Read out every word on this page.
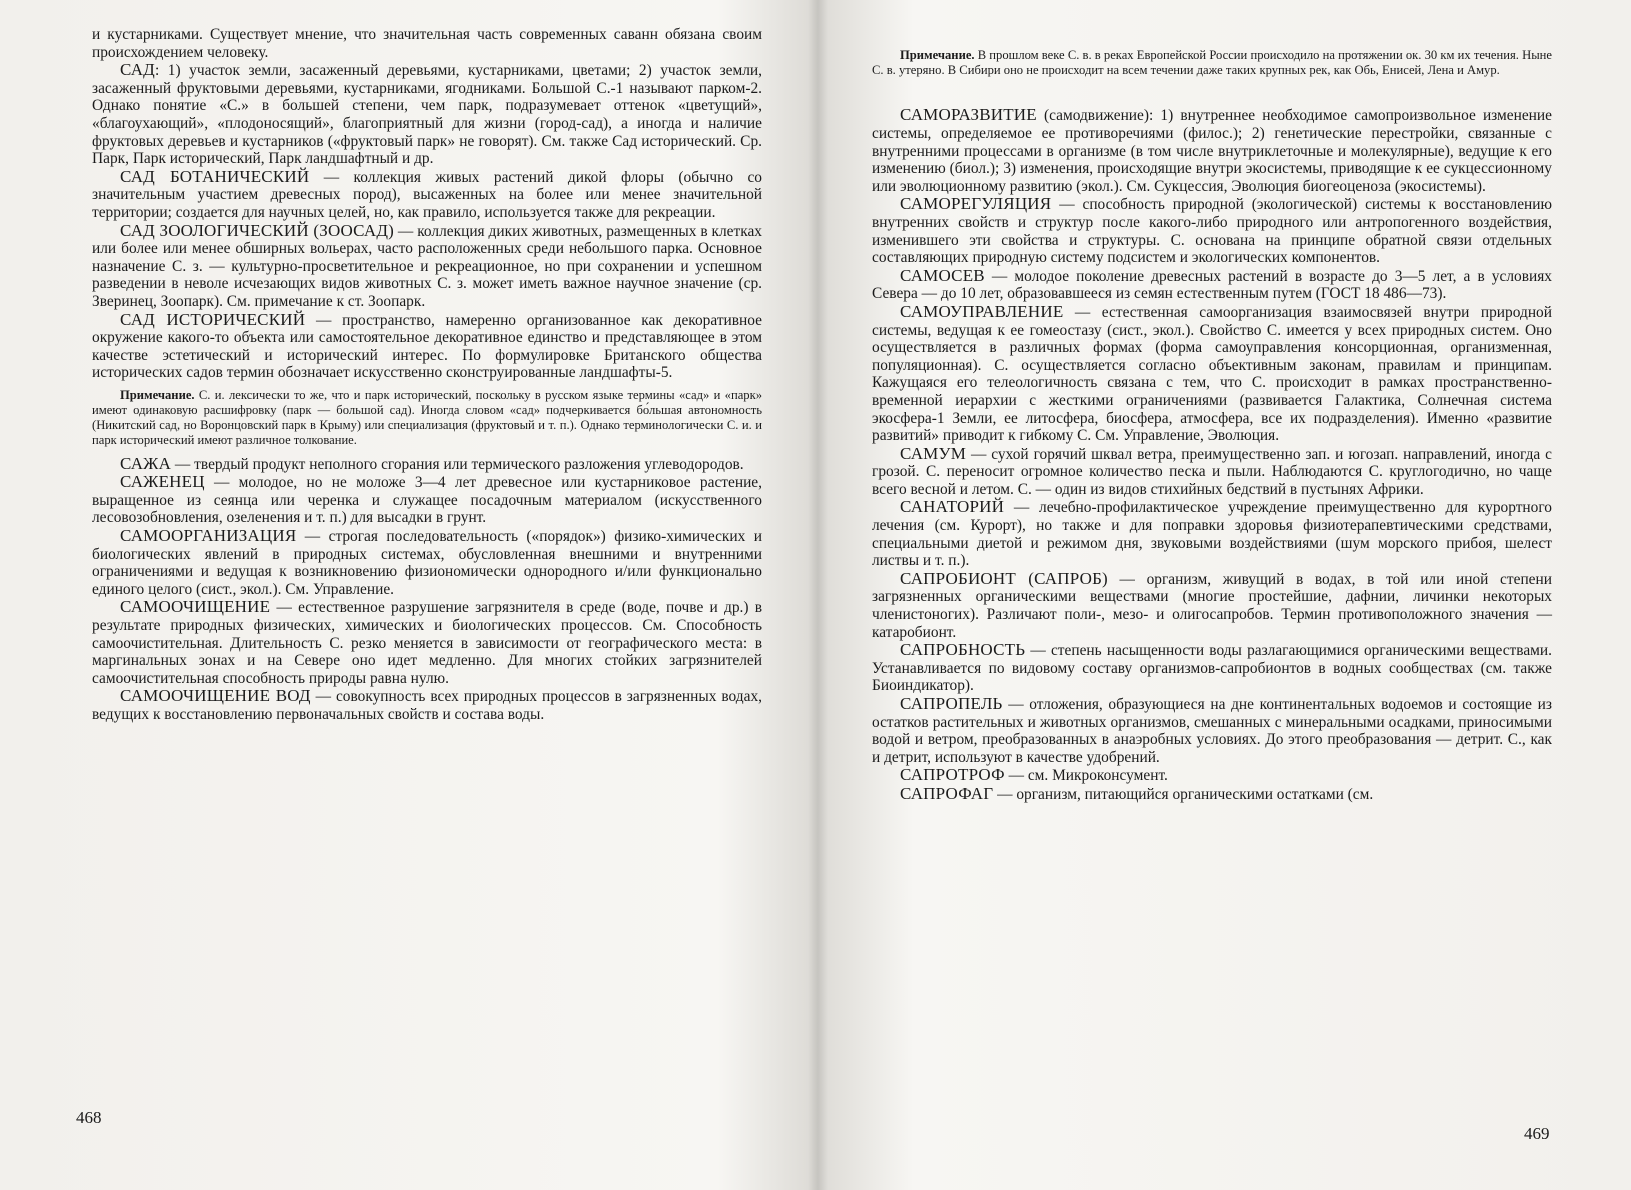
и кустарниками. Существует мнение, что значительная часть современных саванн обязана своим происхождением человеку.

САД: 1) участок земли, засаженный деревьями, кустарниками, цветами; 2) участок земли, засаженный фруктовыми деревьями, кустарниками, ягодниками. Большой С.-1 называют парком-2. Однако понятие «С.» в большей степени, чем парк, подразумевает оттенок «цветущий», «благоухающий», «плодоносящий», благоприятный для жизни (город-сад), а иногда и наличие фруктовых деревьев и кустарников («фруктовый парк» не говорят). См. также Сад исторический. Ср. Парк, Парк исторический, Парк ландшафтный и др.

САД БОТАНИЧЕСКИЙ — коллекция живых растений дикой флоры (обычно со значительным участием древесных пород), высаженных на более или менее значительной территории; создается для научных целей, но, как правило, используется также для рекреации.

САД ЗООЛОГИЧЕСКИЙ (ЗООСАД) — коллекция диких животных, размещенных в клетках или более или менее обширных вольерах, часто расположенных среди небольшого парка. Основное назначение С. з. — культурно-просветительное и рекреационное, но при сохранении и успешном разведении в неволе исчезающих видов животных С. з. может иметь важное научное значение (ср. Зверинец, Зоопарк). См. примечание к ст. Зоопарк.

САД ИСТОРИЧЕСКИЙ — пространство, намеренно организованное как декоративное окружение какого-то объекта или самостоятельное декоративное единство и представляющее в этом качестве эстетический и исторический интерес. По формулировке Британского общества исторических садов термин обозначает искусственно сконструированные ландшафты-5.

Примечание. С. и. лексически то же, что и парк исторический, поскольку в русском языке термины «сад» и «парк» имеют одинаковую расшифровку (парк — большой сад). Иногда словом «сад» подчеркивается бо́льшая автономность (Никитский сад, но Воронцовский парк в Крыму) или специализация (фруктовый и т. п.). Однако терминологически С. и. и парк исторический имеют различное толкование.

САЖА — твердый продукт неполного сгорания или термического разложения углеводородов.

САЖЕНЕЦ — молодое, но не моложе 3—4 лет древесное или кустарниковое растение, выращенное из сеянца или черенка и служащее посадочным материалом (искусственного лесовозобновления, озеленения и т. п.) для высадки в грунт.

САМООРГАНИЗАЦИЯ — строгая последовательность («порядок») физико-химических и биологических явлений в природных системах, обусловленная внешними и внутренними ограничениями и ведущая к возникновению физиономически однородного и/или функционально единого целого (сист., экол.). См. Управление.

САМООЧИЩЕНИЕ — естественное разрушение загрязнителя в среде (воде, почве и др.) в результате природных физических, химических и биологических процессов. См. Способность самоочистительная. Длительность С. резко меняется в зависимости от географического места: в маргинальных зонах и на Севере оно идет медленно. Для многих стойких загрязнителей самоочистительная способность природы равна нулю.

САМООЧИЩЕНИЕ ВОД — совокупность всех природных процессов в загрязненных водах, ведущих к восстановлению первоначальных свойств и состава воды.

468

Примечание. В прошлом веке С. в. в реках Европейской России происходило на протяжении ок. 30 км их течения. Ныне С. в. утеряно. В Сибири оно не происходит на всем течении даже таких крупных рек, как Обь, Енисей, Лена и Амур.

САМОРАЗВИТИЕ (самодвижение): 1) внутреннее необходимое самопроизвольное изменение системы, определяемое ее противоречиями (филос.); 2) генетические перестройки, связанные с внутренними процессами в организме (в том числе внутриклеточные и молекулярные), ведущие к его изменению (биол.); 3) изменения, происходящие внутри экосистемы, приводящие к ее сукцессионному или эволюционному развитию (экол.). См. Сукцессия, Эволюция биогеоценоза (экосистемы).

САМОРЕГУЛЯЦИЯ — способность природной (экологической) системы к восстановлению внутренних свойств и структур после какого-либо природного или антропогенного воздействия, изменившего эти свойства и структуры. С. основана на принципе обратной связи отдельных составляющих природную систему подсистем и экологических компонентов.

САМОСЕВ — молодое поколение древесных растений в возрасте до 3—5 лет, а в условиях Севера — до 10 лет, образовавшееся из семян естественным путем (ГОСТ 18 486—73).

САМОУПРАВЛЕНИЕ — естественная самоорганизация взаимосвязей внутри природной системы, ведущая к ее гомеостазу (сист., экол.). Свойство С. имеется у всех природных систем. Оно осуществляется в различных формах (форма самоуправления консорционная, организменная, популяционная). С. осуществляется согласно объективным законам, правилам и принципам. Кажущаяся его телеологичность связана с тем, что С. происходит в рамках пространственно-временной иерархии с жесткими ограничениями (развивается Галактика, Солнечная система экосфера-1 Земли, ее литосфера, биосфера, атмосфера, все их подразделения). Именно «развитие развитий» приводит к гибкому С. См. Управление, Эволюция.

САМУМ — сухой горячий шквал ветра, преимущественно зап. и югозап. направлений, иногда с грозой. С. переносит огромное количество песка и пыли. Наблюдаются С. круглогодично, но чаще всего весной и летом. С. — один из видов стихийных бедствий в пустынях Африки.

САНАТОРИЙ — лечебно-профилактическое учреждение преимущественно для курортного лечения (см. Курорт), но также и для поправки здоровья физиотерапевтическими средствами, специальными диетой и режимом дня, звуковыми воздействиями (шум морского прибоя, шелест листвы и т. п.).

САПРОБИОНТ (САПРОБ) — организм, живущий в водах, в той или иной степени загрязненных органическими веществами (многие простейшие, дафнии, личинки некоторых членистоногих). Различают поли-, мезо- и олигосапробов. Термин противоположного значения — катаробионт.

САПРОБНОСТЬ — степень насыщенности воды разлагающимися органическими веществами. Устанавливается по видовому составу организмов-сапробионтов в водных сообществах (см. также Биоиндикатор).

САПРОПЕЛЬ — отложения, образующиеся на дне континентальных водоемов и состоящие из остатков растительных и животных организмов, смешанных с минеральными осадками, приносимыми водой и ветром, преобразованных в анаэробных условиях. До этого преобразования — детрит. С., как и детрит, используют в качестве удобрений.

САПРОТРОФ — см. Микроконсумент.

САПРОФАГ — организм, питающийся органическими остатками (см.

469
